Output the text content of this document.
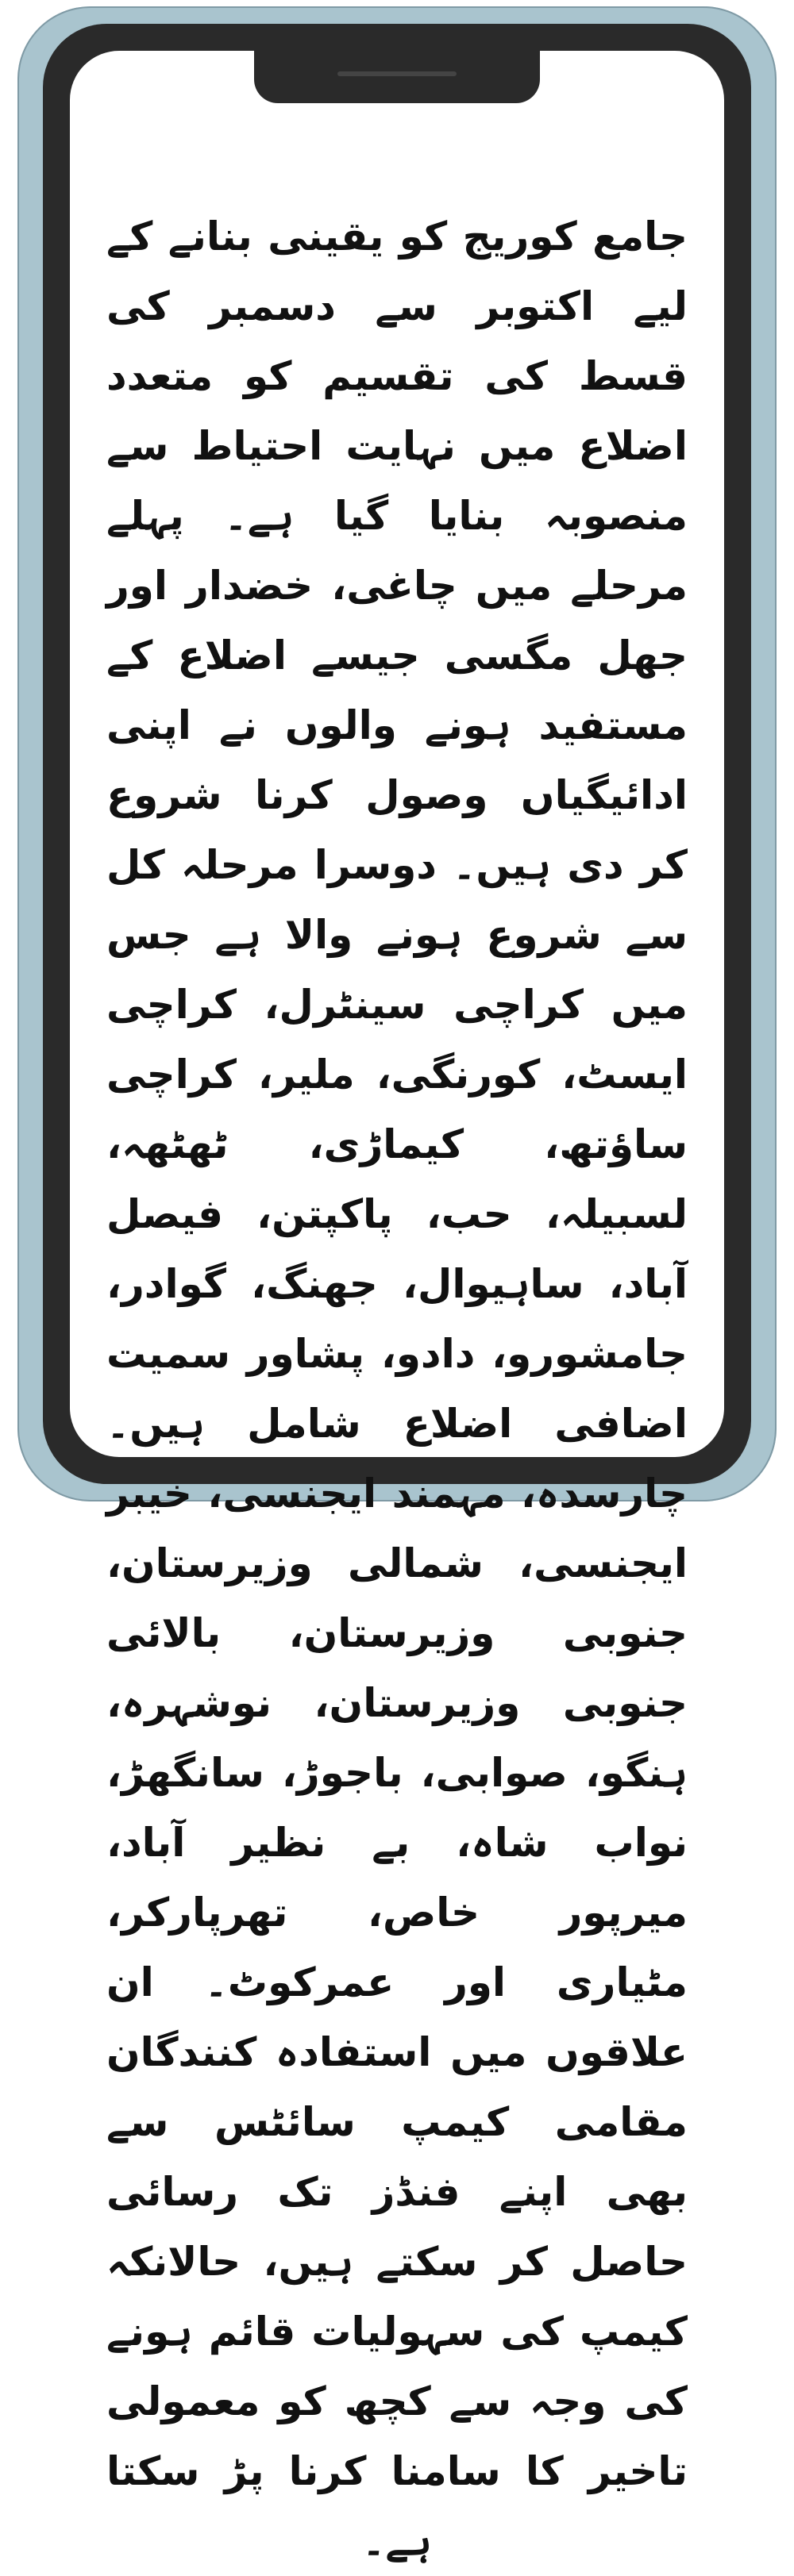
جامع کوریج کو یقینی بنانے کے لیے اکتوبر سے دسمبر کی قسط کی تقسیم کو متعدد اضلاع میں نہایت احتیاط سے منصوبہ بنایا گیا ہے۔ پہلے مرحلے میں چاغی، خضدار اور جھل مگسی جیسے اضلاع کے مستفید ہونے والوں نے اپنی ادائیگیاں وصول کرنا شروع کر دی ہیں۔ دوسرا مرحلہ کل سے شروع ہونے والا ہے جس میں کراچی سینٹرل، کراچی ایسٹ، کورنگی، ملیر، کراچی ساؤتھ، کیماڑی، ٹھٹھہ، لسبیلہ، حب، پاکپتن، فیصل آباد، ساہیوال، جھنگ، گوادر، جامشورو، دادو، پشاور سمیت اضافی اضلاع شامل ہیں۔ چارسدہ، مہمند ایجنسی، خیبر ایجنسی، شمالی وزیرستان، جنوبی وزیرستان، بالائی جنوبی وزیرستان، نوشہرہ، ہنگو، صوابی، باجوڑ، سانگھڑ، نواب شاہ، بے نظیر آباد، میرپور خاص، تھرپارکر، مٹیاری اور عمرکوٹ۔ ان علاقوں میں استفادہ کنندگان مقامی کیمپ سائٹس سے بھی اپنے فنڈز تک رسائی حاصل کر سکتے ہیں، حالانکہ کیمپ کی سہولیات قائم ہونے کی وجہ سے کچھ کو معمولی تاخیر کا سامنا کرنا پڑ سکتا ہے۔
